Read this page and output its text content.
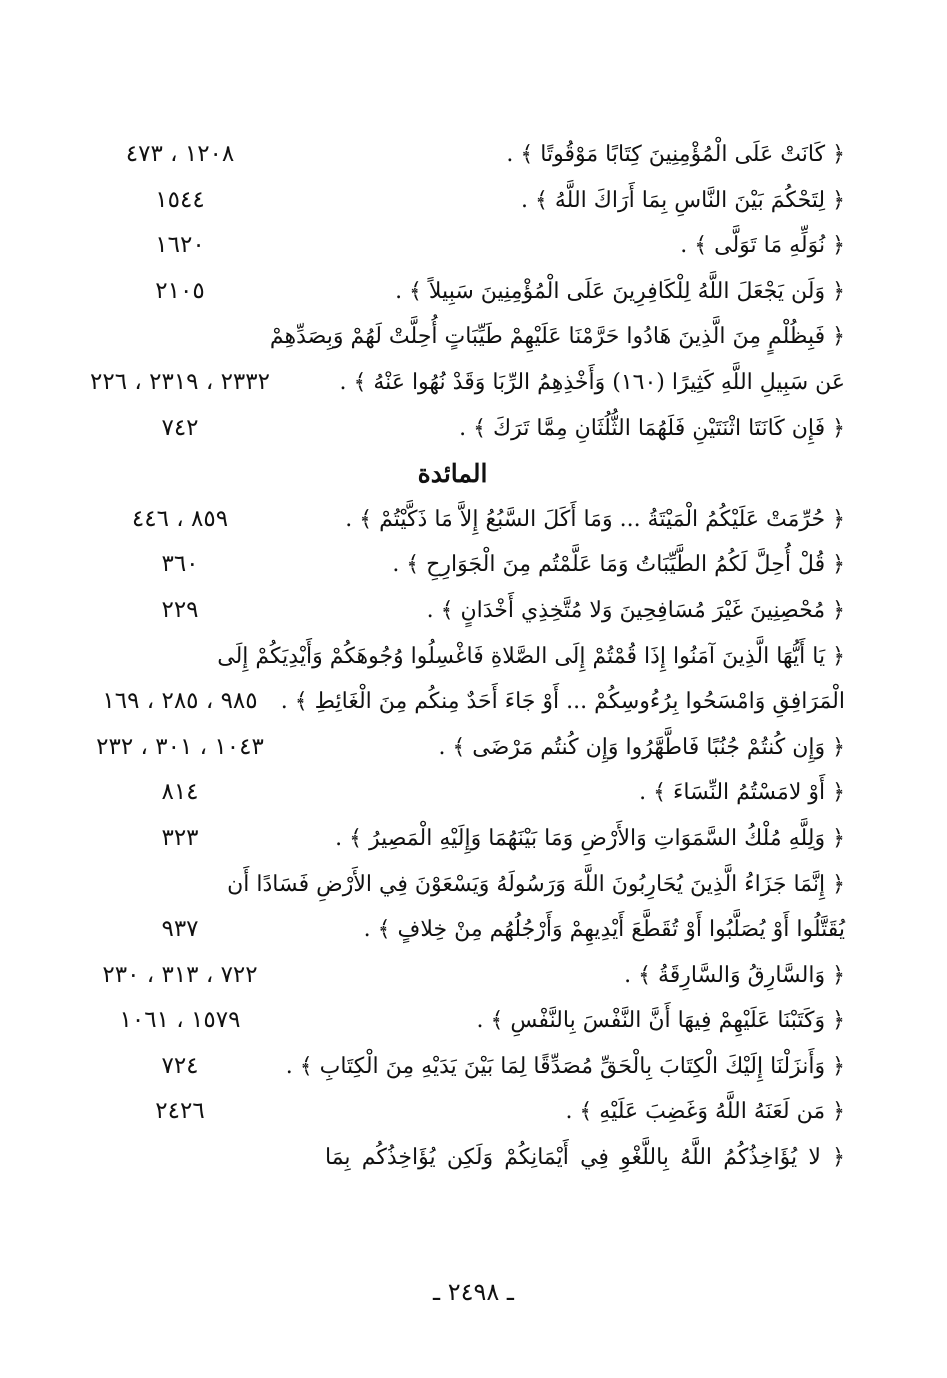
﴿ كَانَتْ عَلَى الْمُؤْمِنِينَ كِتَابًا مَوْقُوتًا ﴾ .
١٢٠٨ ، ٤٧٣
﴿ لِتَحْكُمَ بَيْنَ النَّاسِ بِمَا أَرَاكَ اللَّهُ ﴾ .
١٥٤٤
﴿ نُوَلِّهِ مَا تَوَلَّى ﴾ .
١٦٢٠
﴿ وَلَن يَجْعَلَ اللَّهُ لِلْكَافِرِينَ عَلَى الْمُؤْمِنِينَ سَبِيلاً ﴾ .
٢١٠٥
﴿ فَبِظُلْمٍ مِنَ الَّذِينَ هَادُوا حَرَّمْنَا عَلَيْهِمْ طَيِّبَاتٍ أُحِلَّتْ لَهُمْ وَبِصَدِّهِمْ
عَن سَبِيلِ اللَّهِ كَثِيرًا (١٦٠) وَأَخْذِهِمُ الرِّبَا وَقَدْ نُهُوا عَنْهُ ﴾ .
٢٣٣٢ ، ٢٣١٩ ، ٢٢٦
﴿ فَإِن كَانَتَا اثْنَتَيْنِ فَلَهُمَا الثُّلُثَانِ مِمَّا تَرَكَ ﴾ .
٧٤٢
المائدة
﴿ حُرِّمَتْ عَلَيْكُمُ الْمَيْتَةُ ... وَمَا أَكَلَ السَّبُعُ إِلاَّ مَا ذَكَّيْتُمْ ﴾ .
٨٥٩ ، ٤٤٦
﴿ قُلْ أُحِلَّ لَكُمُ الطَّيِّبَاتُ وَمَا عَلَّمْتُم مِنَ الْجَوَارِحِ ﴾ .
٣٦٠
﴿ مُحْصِنِينَ غَيْرَ مُسَافِحِينَ وَلا مُتَّخِذِي أَخْدَانٍ ﴾ .
٢٢٩
﴿ يَا أَيُّهَا الَّذِينَ آمَنُوا إِذَا قُمْتُمْ إِلَى الصَّلاةِ فَاغْسِلُوا وُجُوهَكُمْ وَأَيْدِيَكُمْ إِلَى
الْمَرَافِقِ وَامْسَحُوا بِرُءُوسِكُمْ ... أَوْ جَاءَ أَحَدٌ مِنكُم مِنَ الْغَائِطِ ﴾ .
٩٨٥ ، ٢٨٥ ، ١٦٩
﴿ وَإِن كُنتُمْ جُنُبًا فَاطَّهَّرُوا وَإِن كُنتُم مَرْضَى ﴾ .
١٠٤٣ ، ٣٠١ ، ٢٣٢
﴿ أَوْ لامَسْتُمُ النِّسَاءَ ﴾ .
٨١٤
﴿ وَلِلَّهِ مُلْكُ السَّمَوَاتِ وَالأَرْضِ وَمَا بَيْنَهُمَا وَإِلَيْهِ الْمَصِيرُ ﴾ .
٣٢٣
﴿ إِنَّمَا جَزَاءُ الَّذِينَ يُحَارِبُونَ اللَّهَ وَرَسُولَهُ وَيَسْعَوْنَ فِي الأَرْضِ فَسَادًا أَن
يُقَتَّلُوا أَوْ يُصَلَّبُوا أَوْ تُقَطَّعَ أَيْدِيهِمْ وَأَرْجُلُهُم مِنْ خِلافٍ ﴾ .
٩٣٧
﴿ وَالسَّارِقُ وَالسَّارِقَةُ ﴾ .
٧٢٢ ، ٣١٣ ، ٢٣٠
﴿ وَكَتَبْنَا عَلَيْهِمْ فِيهَا أَنَّ النَّفْسَ بِالنَّفْسِ ﴾ .
١٥٧٩ ، ١٠٦١
﴿ وَأَنزَلْنَا إِلَيْكَ الْكِتَابَ بِالْحَقِّ مُصَدِّقًا لِمَا بَيْنَ يَدَيْهِ مِنَ الْكِتَابِ ﴾ .
٧٢٤
﴿ مَن لَعَنَهُ اللَّهُ وَغَضِبَ عَلَيْهِ ﴾ .
٢٤٢٦
﴿ لا يُؤَاخِذُكُمُ اللَّهُ بِاللَّغْوِ فِي أَيْمَانِكُمْ وَلَكِن يُؤَاخِذُكُم بِمَا
ـ ٢٤٩٨ ـ
